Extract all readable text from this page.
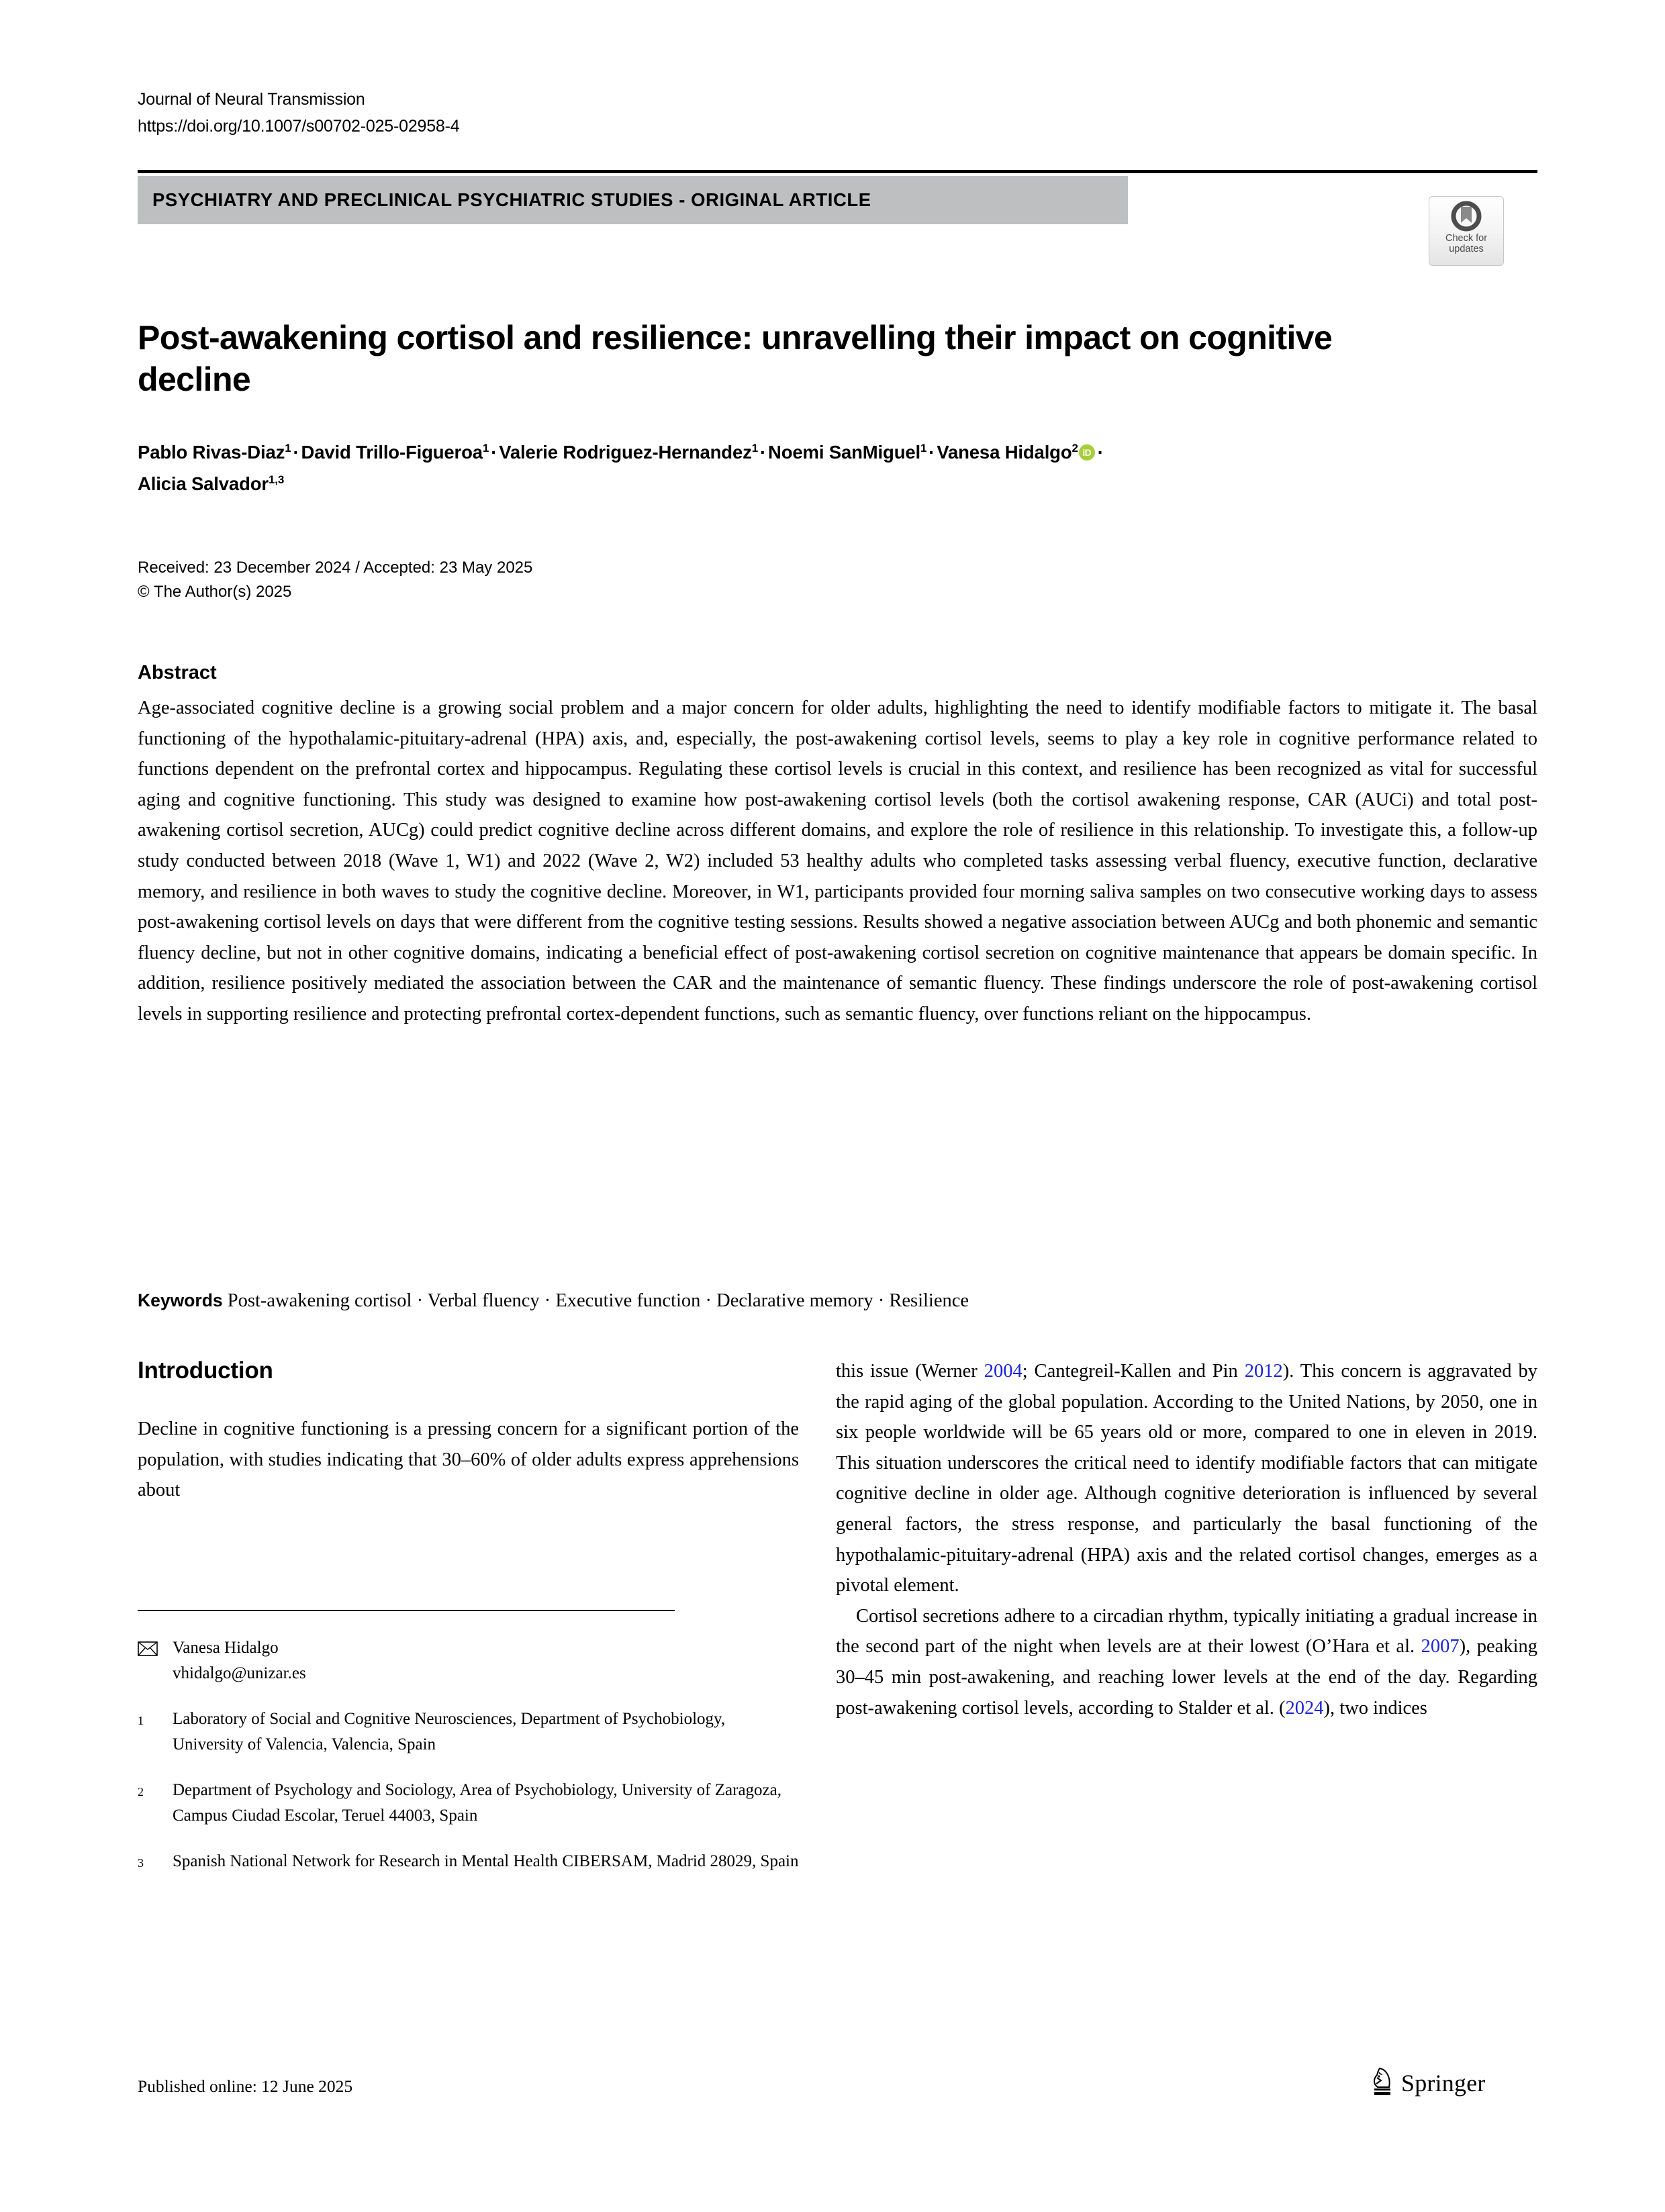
Journal of Neural Transmission
https://doi.org/10.1007/s00702-025-02958-4
PSYCHIATRY AND PRECLINICAL PSYCHIATRIC STUDIES - ORIGINAL ARTICLE
Check for
updates
Post-awakening cortisol and resilience: unravelling their impact on cognitive decline
Pablo Rivas-Diaz$^1$ · David Trillo-Figueroa$^1$ · Valerie Rodriguez-Hernandez$^1$ · Noemi SanMiguel$^1$ · Vanesa Hidalgo$^2$ iD ·
Alicia Salvador$^{1,3}$
Received: 23 December 2024 / Accepted: 23 May 2025
© The Author(s) 2025
Abstract
Age-associated cognitive decline is a growing social problem and a major concern for older adults, highlighting the need to identify modifiable factors to mitigate it. The basal functioning of the hypothalamic-pituitary-adrenal (HPA) axis, and, especially, the post-awakening cortisol levels, seems to play a key role in cognitive performance related to functions dependent on the prefrontal cortex and hippocampus. Regulating these cortisol levels is crucial in this context, and resilience has been recognized as vital for successful aging and cognitive functioning. This study was designed to examine how post-awakening cortisol levels (both the cortisol awakening response, CAR (AUCi) and total post-awakening cortisol secretion, AUCg) could predict cognitive decline across different domains, and explore the role of resilience in this relationship. To investigate this, a follow-up study conducted between 2018 (Wave 1, W1) and 2022 (Wave 2, W2) included 53 healthy adults who completed tasks assessing verbal fluency, executive function, declarative memory, and resilience in both waves to study the cognitive decline. Moreover, in W1, participants provided four morning saliva samples on two consecutive working days to assess post-awakening cortisol levels on days that were different from the cognitive testing sessions. Results showed a negative association between AUCg and both phonemic and semantic fluency decline, but not in other cognitive domains, indicating a beneficial effect of post-awakening cortisol secretion on cognitive maintenance that appears be domain specific. In addition, resilience positively mediated the association between the CAR and the maintenance of semantic fluency. These findings underscore the role of post-awakening cortisol levels in supporting resilience and protecting prefrontal cortex-dependent functions, such as semantic fluency, over functions reliant on the hippocampus.
Keywords Post-awakening cortisol · Verbal fluency · Executive function · Declarative memory · Resilience
Introduction

Decline in cognitive functioning is a pressing concern for a significant portion of the population, with studies indicating that 30–60% of older adults express apprehensions about

Vanesa Hidalgo
vhidalgo@unizar.es
1	Laboratory of Social and Cognitive Neurosciences, Department of Psychobiology, University of Valencia, Valencia, Spain
2	Department of Psychology and Sociology, Area of Psychobiology, University of Zaragoza, Campus Ciudad Escolar, Teruel 44003, Spain
3	Spanish National Network for Research in Mental Health CIBERSAM, Madrid 28029, Spain

this issue (Werner 2004; Cantegreil-Kallen and Pin 2012). This concern is aggravated by the rapid aging of the global population. According to the United Nations, by 2050, one in six people worldwide will be 65 years old or more, compared to one in eleven in 2019. This situation underscores the critical need to identify modifiable factors that can mitigate cognitive decline in older age. Although cognitive deterioration is influenced by several general factors, the stress response, and particularly the basal functioning of the hypothalamic-pituitary-adrenal (HPA) axis and the related cortisol changes, emerges as a pivotal element.

Cortisol secretions adhere to a circadian rhythm, typically initiating a gradual increase in the second part of the night when levels are at their lowest (O’Hara et al. 2007), peaking 30–45 min post-awakening, and reaching lower levels at the end of the day. Regarding post-awakening cortisol levels, according to Stalder et al. (2024), two indices

Published online: 12 June 2025	Springer
